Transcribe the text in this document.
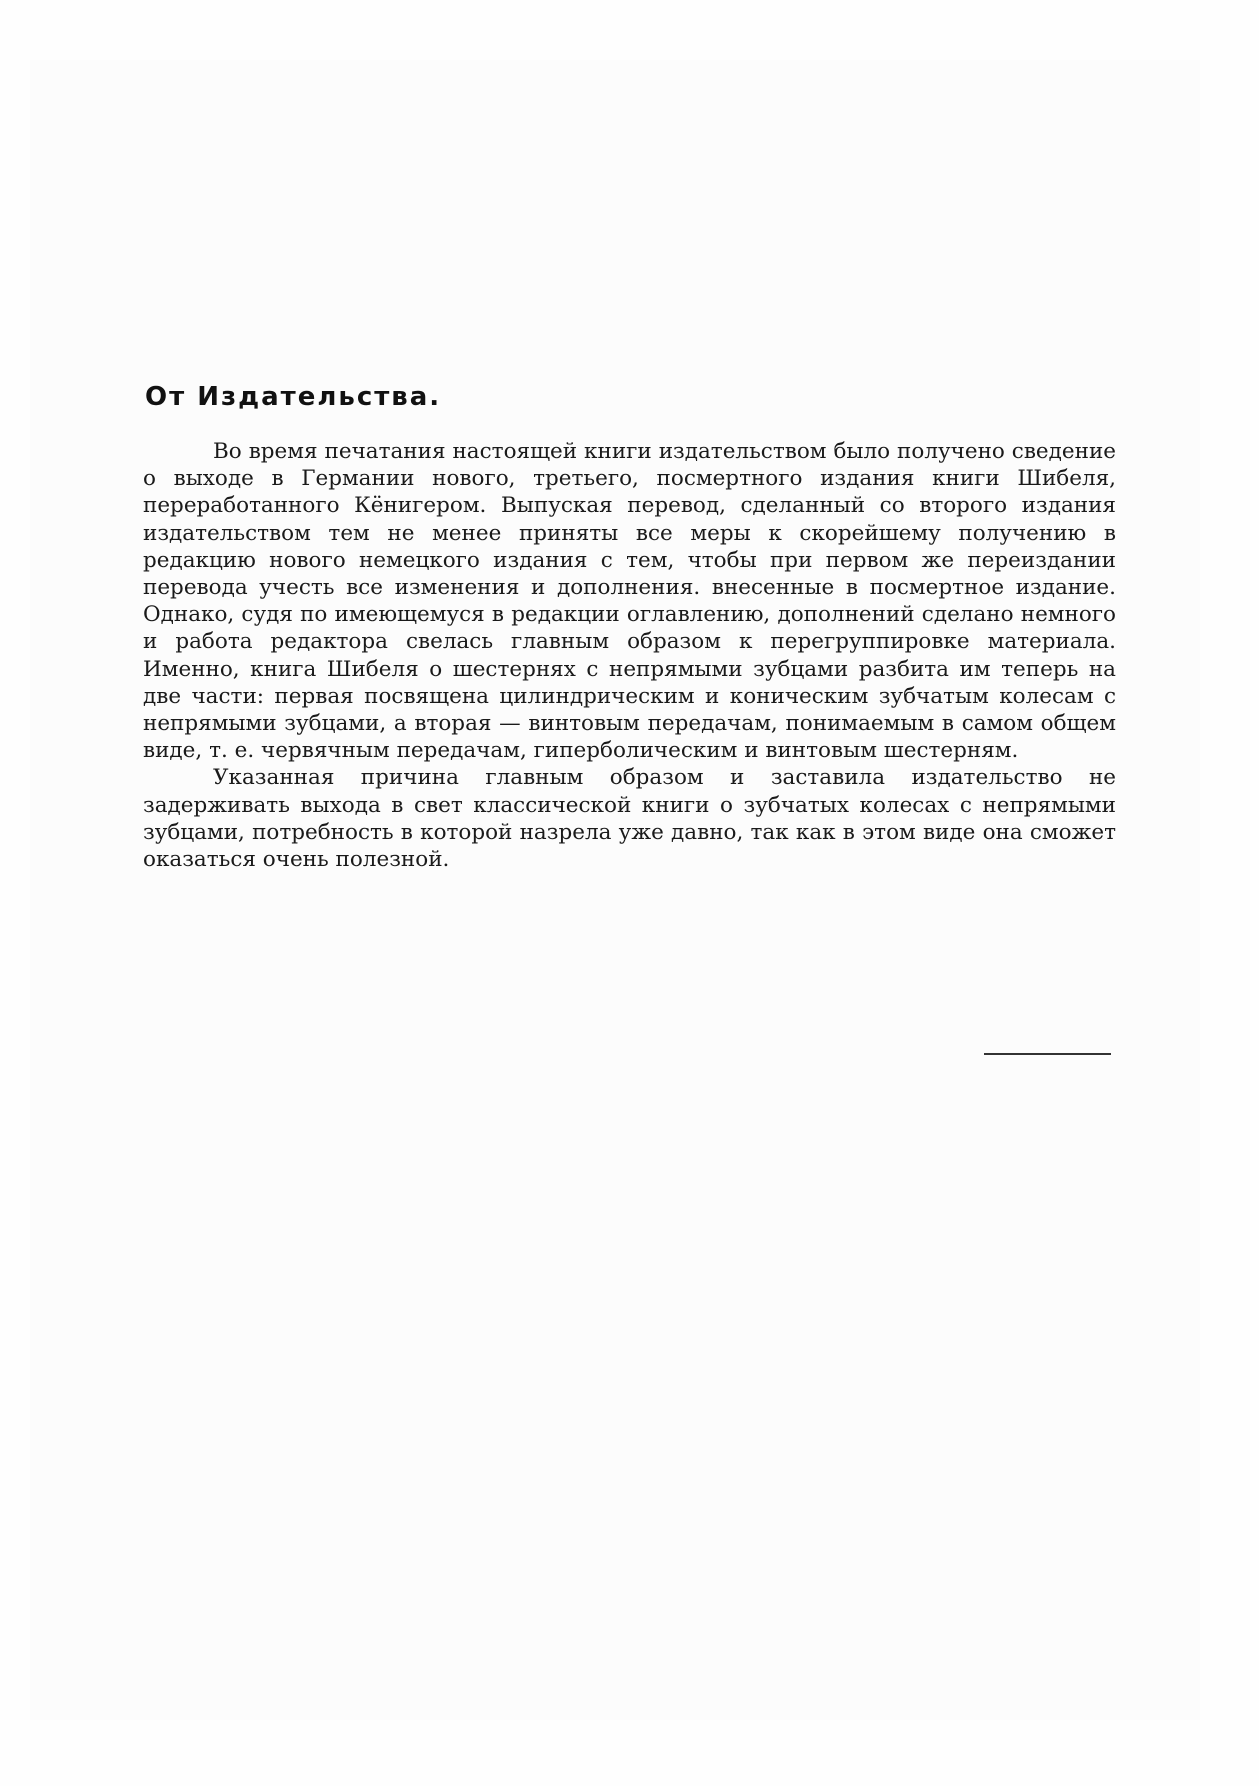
От Издательства.

Во время печатания настоящей книги издательством было получено сведение о выходе в Германии нового, третьего, посмертного издания книги Шибеля, переработанного Кёнигером. Выпуская перевод, сделанный со второго издания издательством тем не менее приняты все меры к скорейшему получению в редакцию нового немецкого издания с тем, чтобы при первом же переиздании перевода учесть все изменения и дополнения. внесенные в посмертное издание. Однако, судя по имеющемуся в редакции оглавлению, дополнений сделано немного и работа редактора свелась главным образом к перегруппировке материала. Именно, книга Шибеля о шестернях с непрямыми зубцами разбита им теперь на две части: первая посвящена цилиндрическим и коническим зубчатым колесам с непрямыми зубцами, а вторая — винтовым передачам, понимаемым в самом общем виде, т. е. червячным передачам, гиперболическим и винтовым шестерням.

Указанная причина главным образом и заставила издательство не задерживать выхода в свет классической книги о зубчатых колесах с непрямыми зубцами, потребность в которой назрела уже давно, так как в этом виде она сможет оказаться очень полезной.
